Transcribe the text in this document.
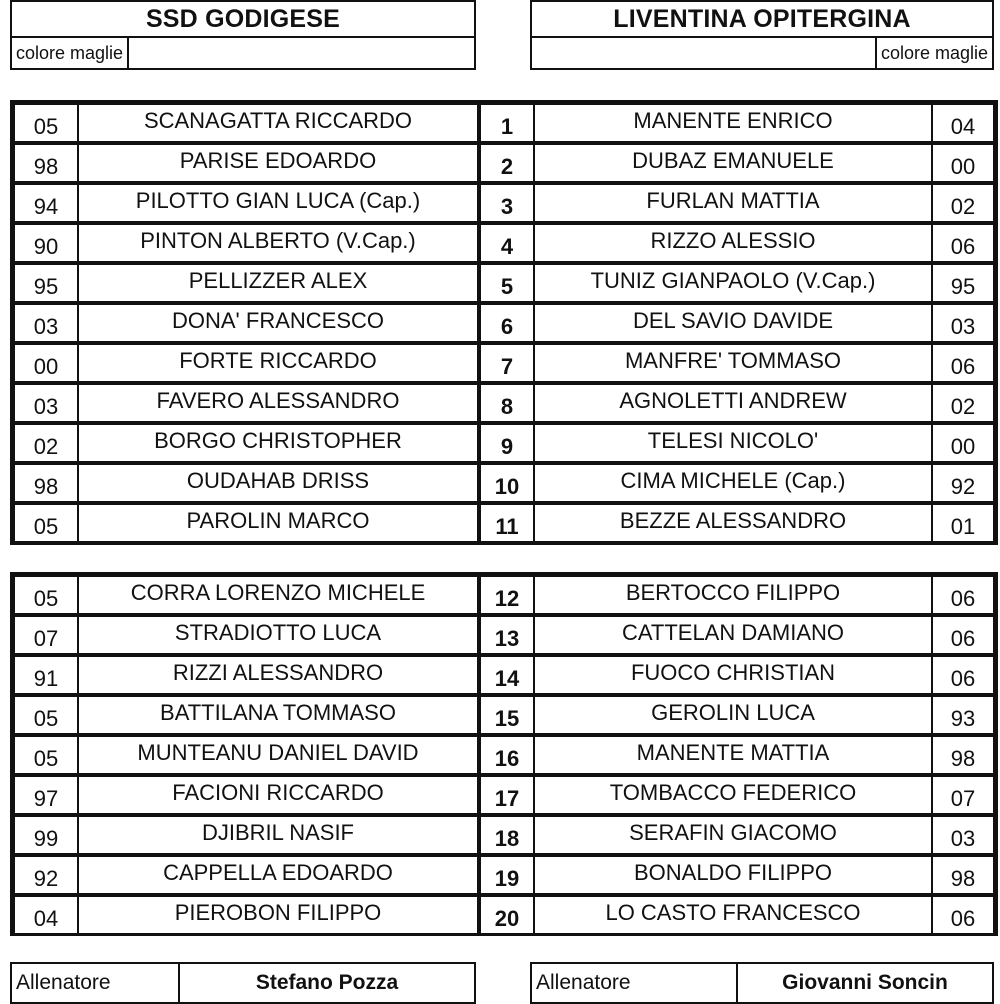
SSD GODIGESE	LIVENTINA OPITERGINA
colore maglie	colore maglie
05	SCANAGATTA RICCARDO	1	MANENTE ENRICO	04
98	PARISE EDOARDO	2	DUBAZ EMANUELE	00
94	PILOTTO GIAN LUCA (Cap.)	3	FURLAN MATTIA	02
90	PINTON ALBERTO (V.Cap.)	4	RIZZO ALESSIO	06
95	PELLIZZER ALEX	5	TUNIZ GIANPAOLO (V.Cap.)	95
03	DONA' FRANCESCO	6	DEL SAVIO DAVIDE	03
00	FORTE RICCARDO	7	MANFRE' TOMMASO	06
03	FAVERO ALESSANDRO	8	AGNOLETTI ANDREW	02
02	BORGO CHRISTOPHER	9	TELESI NICOLO'	00
98	OUDAHAB DRISS	10	CIMA MICHELE (Cap.)	92
05	PAROLIN MARCO	11	BEZZE ALESSANDRO	01
05	CORRA LORENZO MICHELE	12	BERTOCCO FILIPPO	06
07	STRADIOTTO LUCA	13	CATTELAN DAMIANO	06
91	RIZZI ALESSANDRO	14	FUOCO CHRISTIAN	06
05	BATTILANA TOMMASO	15	GEROLIN LUCA	93
05	MUNTEANU DANIEL DAVID	16	MANENTE MATTIA	98
97	FACIONI RICCARDO	17	TOMBACCO FEDERICO	07
99	DJIBRIL NASIF	18	SERAFIN GIACOMO	03
92	CAPPELLA EDOARDO	19	BONALDO FILIPPO	98
04	PIEROBON FILIPPO	20	LO CASTO FRANCESCO	06
Allenatore	Stefano Pozza	Allenatore	Giovanni Soncin
